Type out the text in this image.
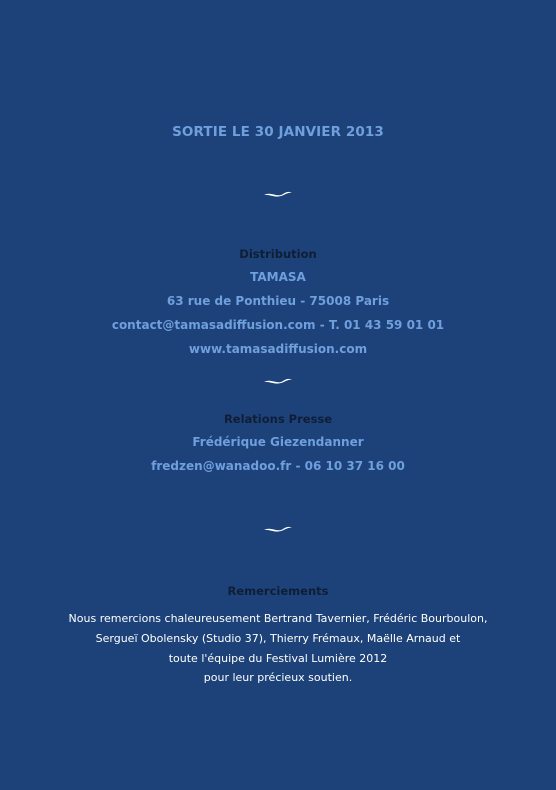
SORTIE LE 30 JANVIER 2013
Distribution
TAMASA
63 rue de Ponthieu - 75008 Paris
contact@tamasadiffusion.com - T. 01 43 59 01 01
www.tamasadiffusion.com
Relations Presse
Frédérique Giezendanner
fredzen@wanadoo.fr - 06 10 37 16 00
Remerciements
Nous remercions chaleureusement Bertrand Tavernier, Frédéric Bourboulon,
Sergueï Obolensky (Studio 37), Thierry Frémaux, Maëlle Arnaud et
toute l'équipe du Festival Lumière 2012
pour leur précieux soutien.
